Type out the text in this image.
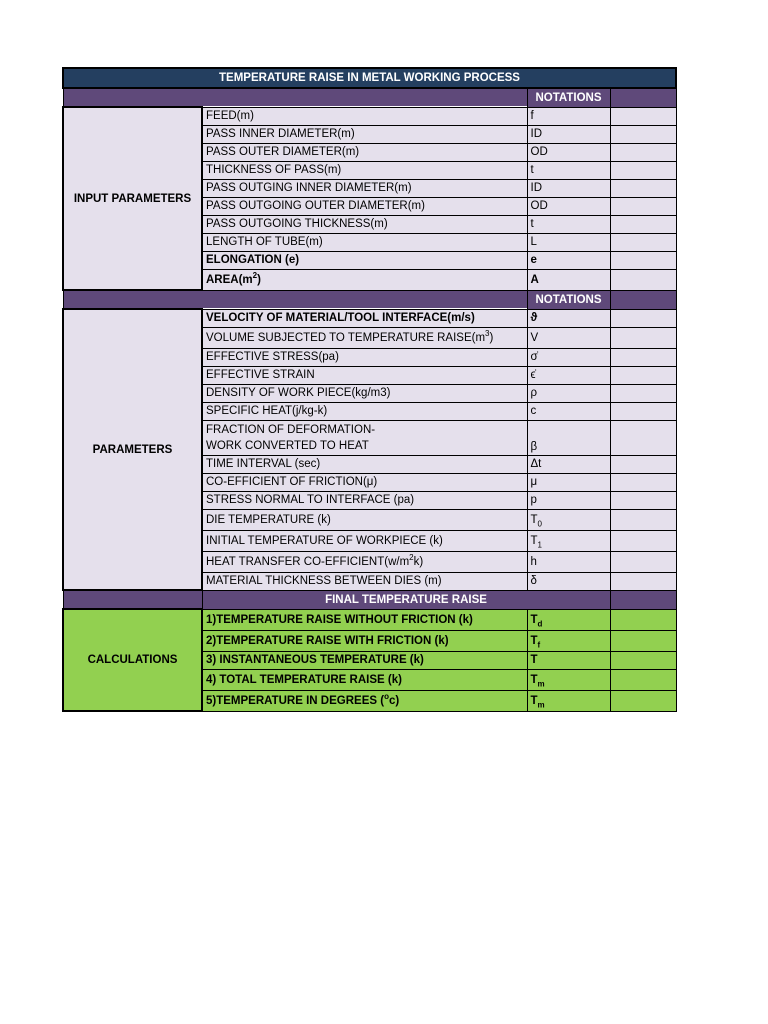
TEMPERATURE RAISE IN METAL WORKING PROCESS			
		NOTATIONS	
INPUT PARAMETERS	FEED(m)	f	
	PASS INNER DIAMETER(m)	ID	
	PASS OUTER DIAMETER(m)	OD	
	THICKNESS OF PASS(m)	t	
	PASS OUTGING INNER DIAMETER(m)	ID	
	PASS OUTGOING OUTER DIAMETER(m)	OD	
	PASS OUTGOING THICKNESS(m)	t	
	LENGTH OF TUBE(m)	L	
	ELONGATION (e)	e	
	$AREA(m^2)$	A	
		NOTATIONS	
PARAMETERS	VELOCITY OF MATERIAL/TOOL INTERFACE(m/s)	ϑ	
	VOLUME SUBJECTED TO TEMPERATURE $RAISE(m^3)$	V	
	EFFECTIVE STRESS(pa)	σ̇	
	EFFECTIVE STRAIN	ϵ̇	
	DENSITY OF WORK PIECE(kg/m3)	ρ	
	SPECIFIC HEAT(j/kg-k)	c	
	FRACTION OF DEFORMATION-
WORK CONVERTED TO HEAT	β	
	TIME INTERVAL (sec)	Δt	
	CO-EFFICIENT OF FRICTION(μ)	μ	
	STRESS NORMAL TO INTERFACE (pa)	p	
	DIE TEMPERATURE (k)	$T_0$	
	INITIAL TEMPERATURE OF WORKPIECE (k)	$T_1$	
	HEAT TRANSFER $CO-EFFICIENT(w/m^2k)$	h	
	MATERIAL THICKNESS BETWEEN DIES (m)	δ	
	FINAL TEMPERATURE RAISE		
CALCULATIONS	1)TEMPERATURE RAISE WITHOUT FRICTION (k)	$T_d$	
	2)TEMPERATURE RAISE WITH FRICTION (k)	$T_f$	
	3) INSTANTANEOUS TEMPERATURE (k)	T	
	4) TOTAL TEMPERATURE RAISE (k)	$T_m$	
	5)TEMPERATURE IN DEGREES ($^o$c)	$T_m$	
